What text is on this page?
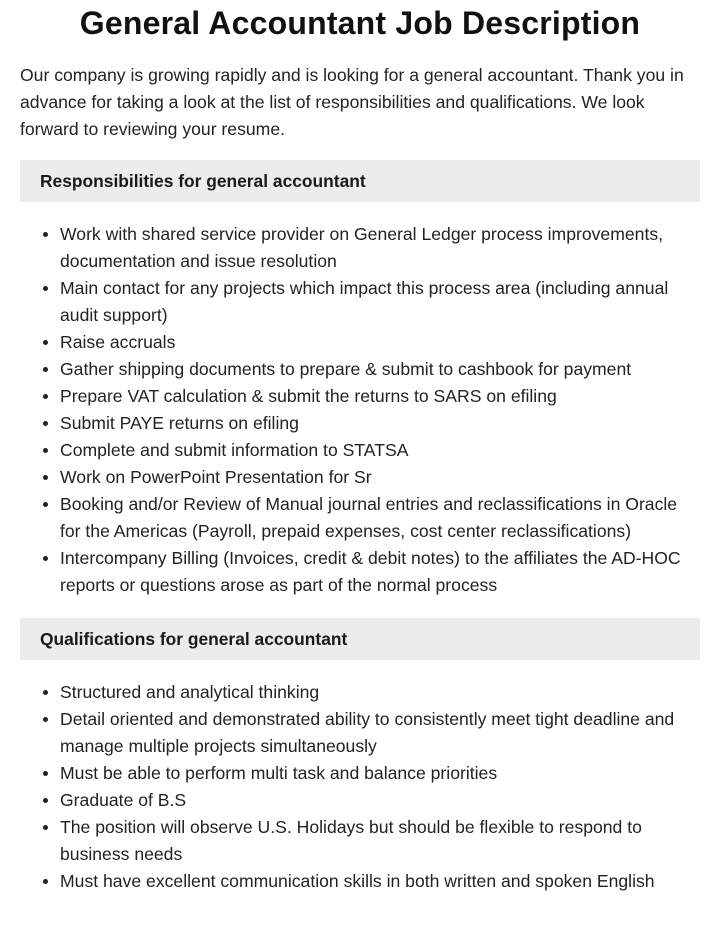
General Accountant Job Description

Our company is growing rapidly and is looking for a general accountant. Thank you in advance for taking a look at the list of responsibilities and qualifications. We look forward to reviewing your resume.

Responsibilities for general accountant
Work with shared service provider on General Ledger process improvements, documentation and issue resolution
Main contact for any projects which impact this process area (including annual audit support)
Raise accruals
Gather shipping documents to prepare & submit to cashbook for payment
Prepare VAT calculation & submit the returns to SARS on efiling
Submit PAYE returns on efiling
Complete and submit information to STATSA
Work on PowerPoint Presentation for Sr
Booking and/or Review of Manual journal entries and reclassifications in Oracle for the Americas (Payroll, prepaid expenses, cost center reclassifications)
Intercompany Billing (Invoices, credit & debit notes) to the affiliates the AD-HOC reports or questions arose as part of the normal process
Qualifications for general accountant
Structured and analytical thinking
Detail oriented and demonstrated ability to consistently meet tight deadline and manage multiple projects simultaneously
Must be able to perform multi task and balance priorities
Graduate of B.S
The position will observe U.S. Holidays but should be flexible to respond to business needs
Must have excellent communication skills in both written and spoken English
